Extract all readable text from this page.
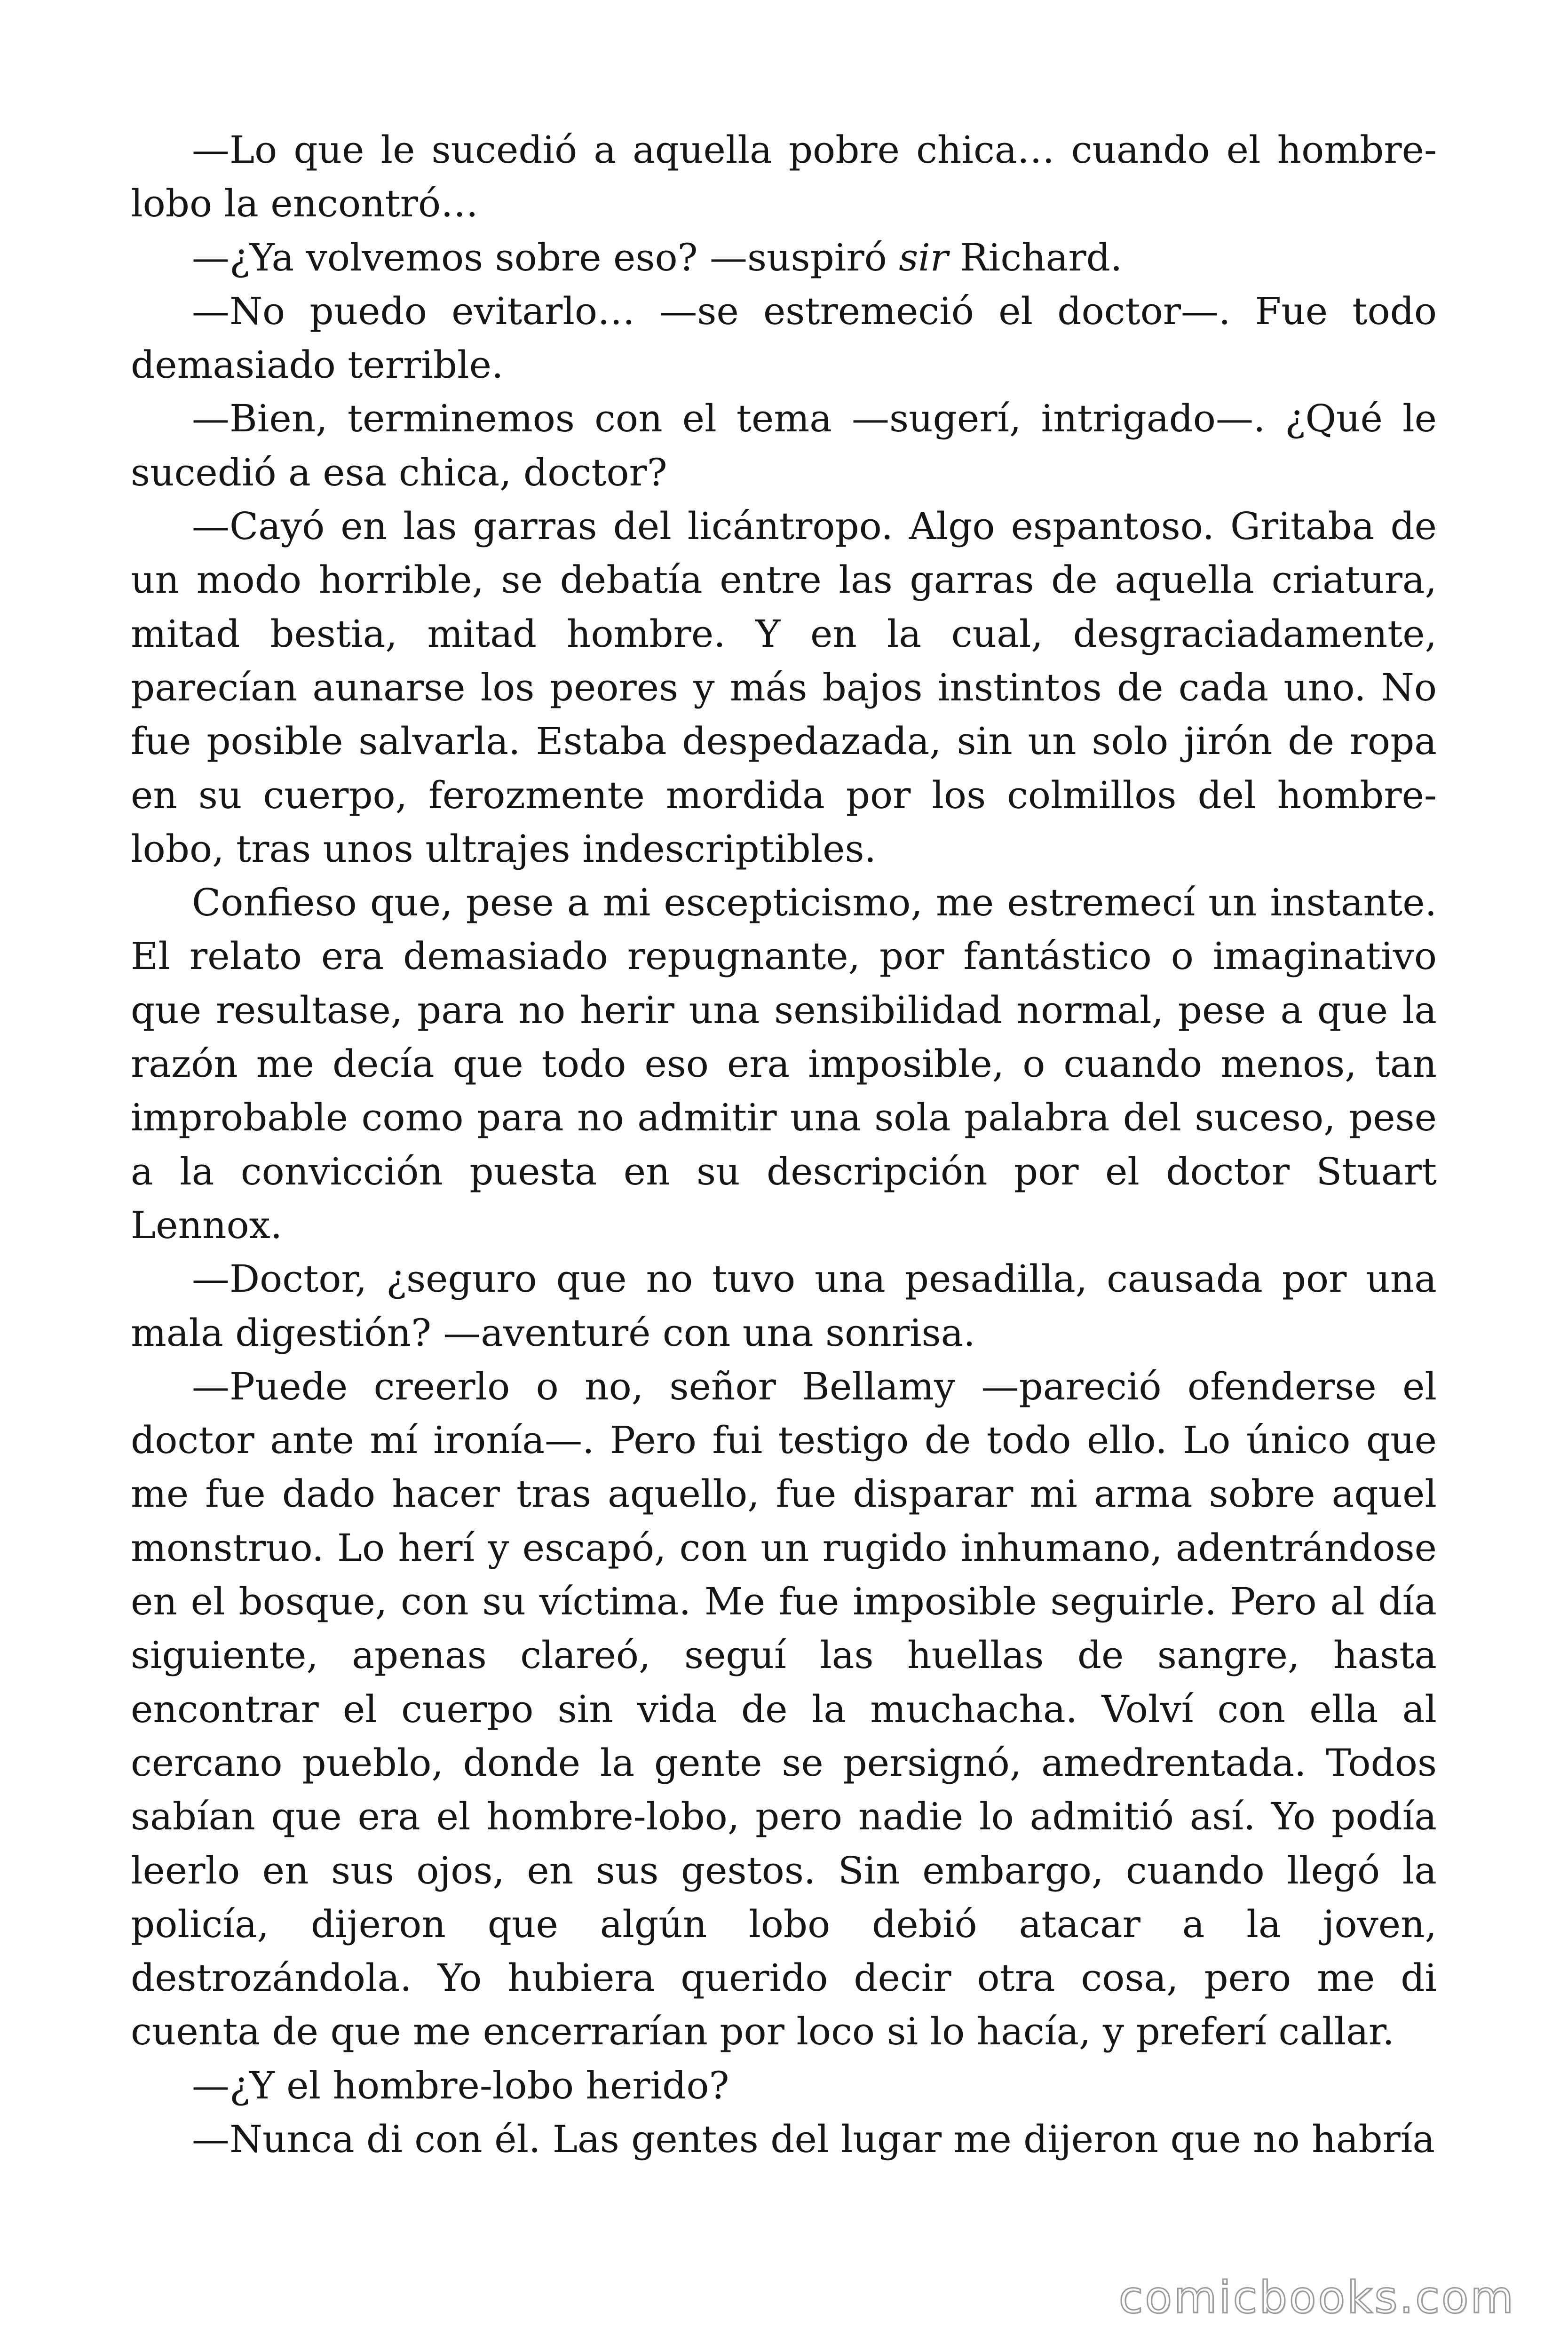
—Lo que le sucedió a aquella pobre chica… cuando el hombre-lobo la encontró…

—¿Ya volvemos sobre eso? —suspiró sir Richard.

—No puedo evitarlo… —se estremeció el doctor—. Fue todo demasiado terrible.

—Bien, terminemos con el tema —sugerí, intrigado—. ¿Qué le sucedió a esa chica, doctor?

—Cayó en las garras del licántropo. Algo espantoso. Gritaba de un modo horrible, se debatía entre las garras de aquella criatura, mitad bestia, mitad hombre. Y en la cual, desgraciadamente, parecían aunarse los peores y más bajos instintos de cada uno. No fue posible salvarla. Estaba despedazada, sin un solo jirón de ropa en su cuerpo, ferozmente mordida por los colmillos del hombre-lobo, tras unos ultrajes indescriptibles.

Confieso que, pese a mi escepticismo, me estremecí un instante. El relato era demasiado repugnante, por fantástico o imaginativo que resultase, para no herir una sensibilidad normal, pese a que la razón me decía que todo eso era imposible, o cuando menos, tan improbable como para no admitir una sola palabra del suceso, pese a la convicción puesta en su descripción por el doctor Stuart Lennox.

—Doctor, ¿seguro que no tuvo una pesadilla, causada por una mala digestión? —aventuré con una sonrisa.

—Puede creerlo o no, señor Bellamy —pareció ofenderse el doctor ante mí ironía—. Pero fui testigo de todo ello. Lo único que me fue dado hacer tras aquello, fue disparar mi arma sobre aquel monstruo. Lo herí y escapó, con un rugido inhumano, adentrándose en el bosque, con su víctima. Me fue imposible seguirle. Pero al día siguiente, apenas clareó, seguí las huellas de sangre, hasta encontrar el cuerpo sin vida de la muchacha. Volví con ella al cercano pueblo, donde la gente se persignó, amedrentada. Todos sabían que era el hombre-lobo, pero nadie lo admitió así. Yo podía leerlo en sus ojos, en sus gestos. Sin embargo, cuando llegó la policía, dijeron que algún lobo debió atacar a la joven, destrozándola. Yo hubiera querido decir otra cosa, pero me di cuenta de que me encerrarían por loco si lo hacía, y preferí callar.

—¿Y el hombre-lobo herido?

—Nunca di con él. Las gentes del lugar me dijeron que no habría

comicbooks.com
